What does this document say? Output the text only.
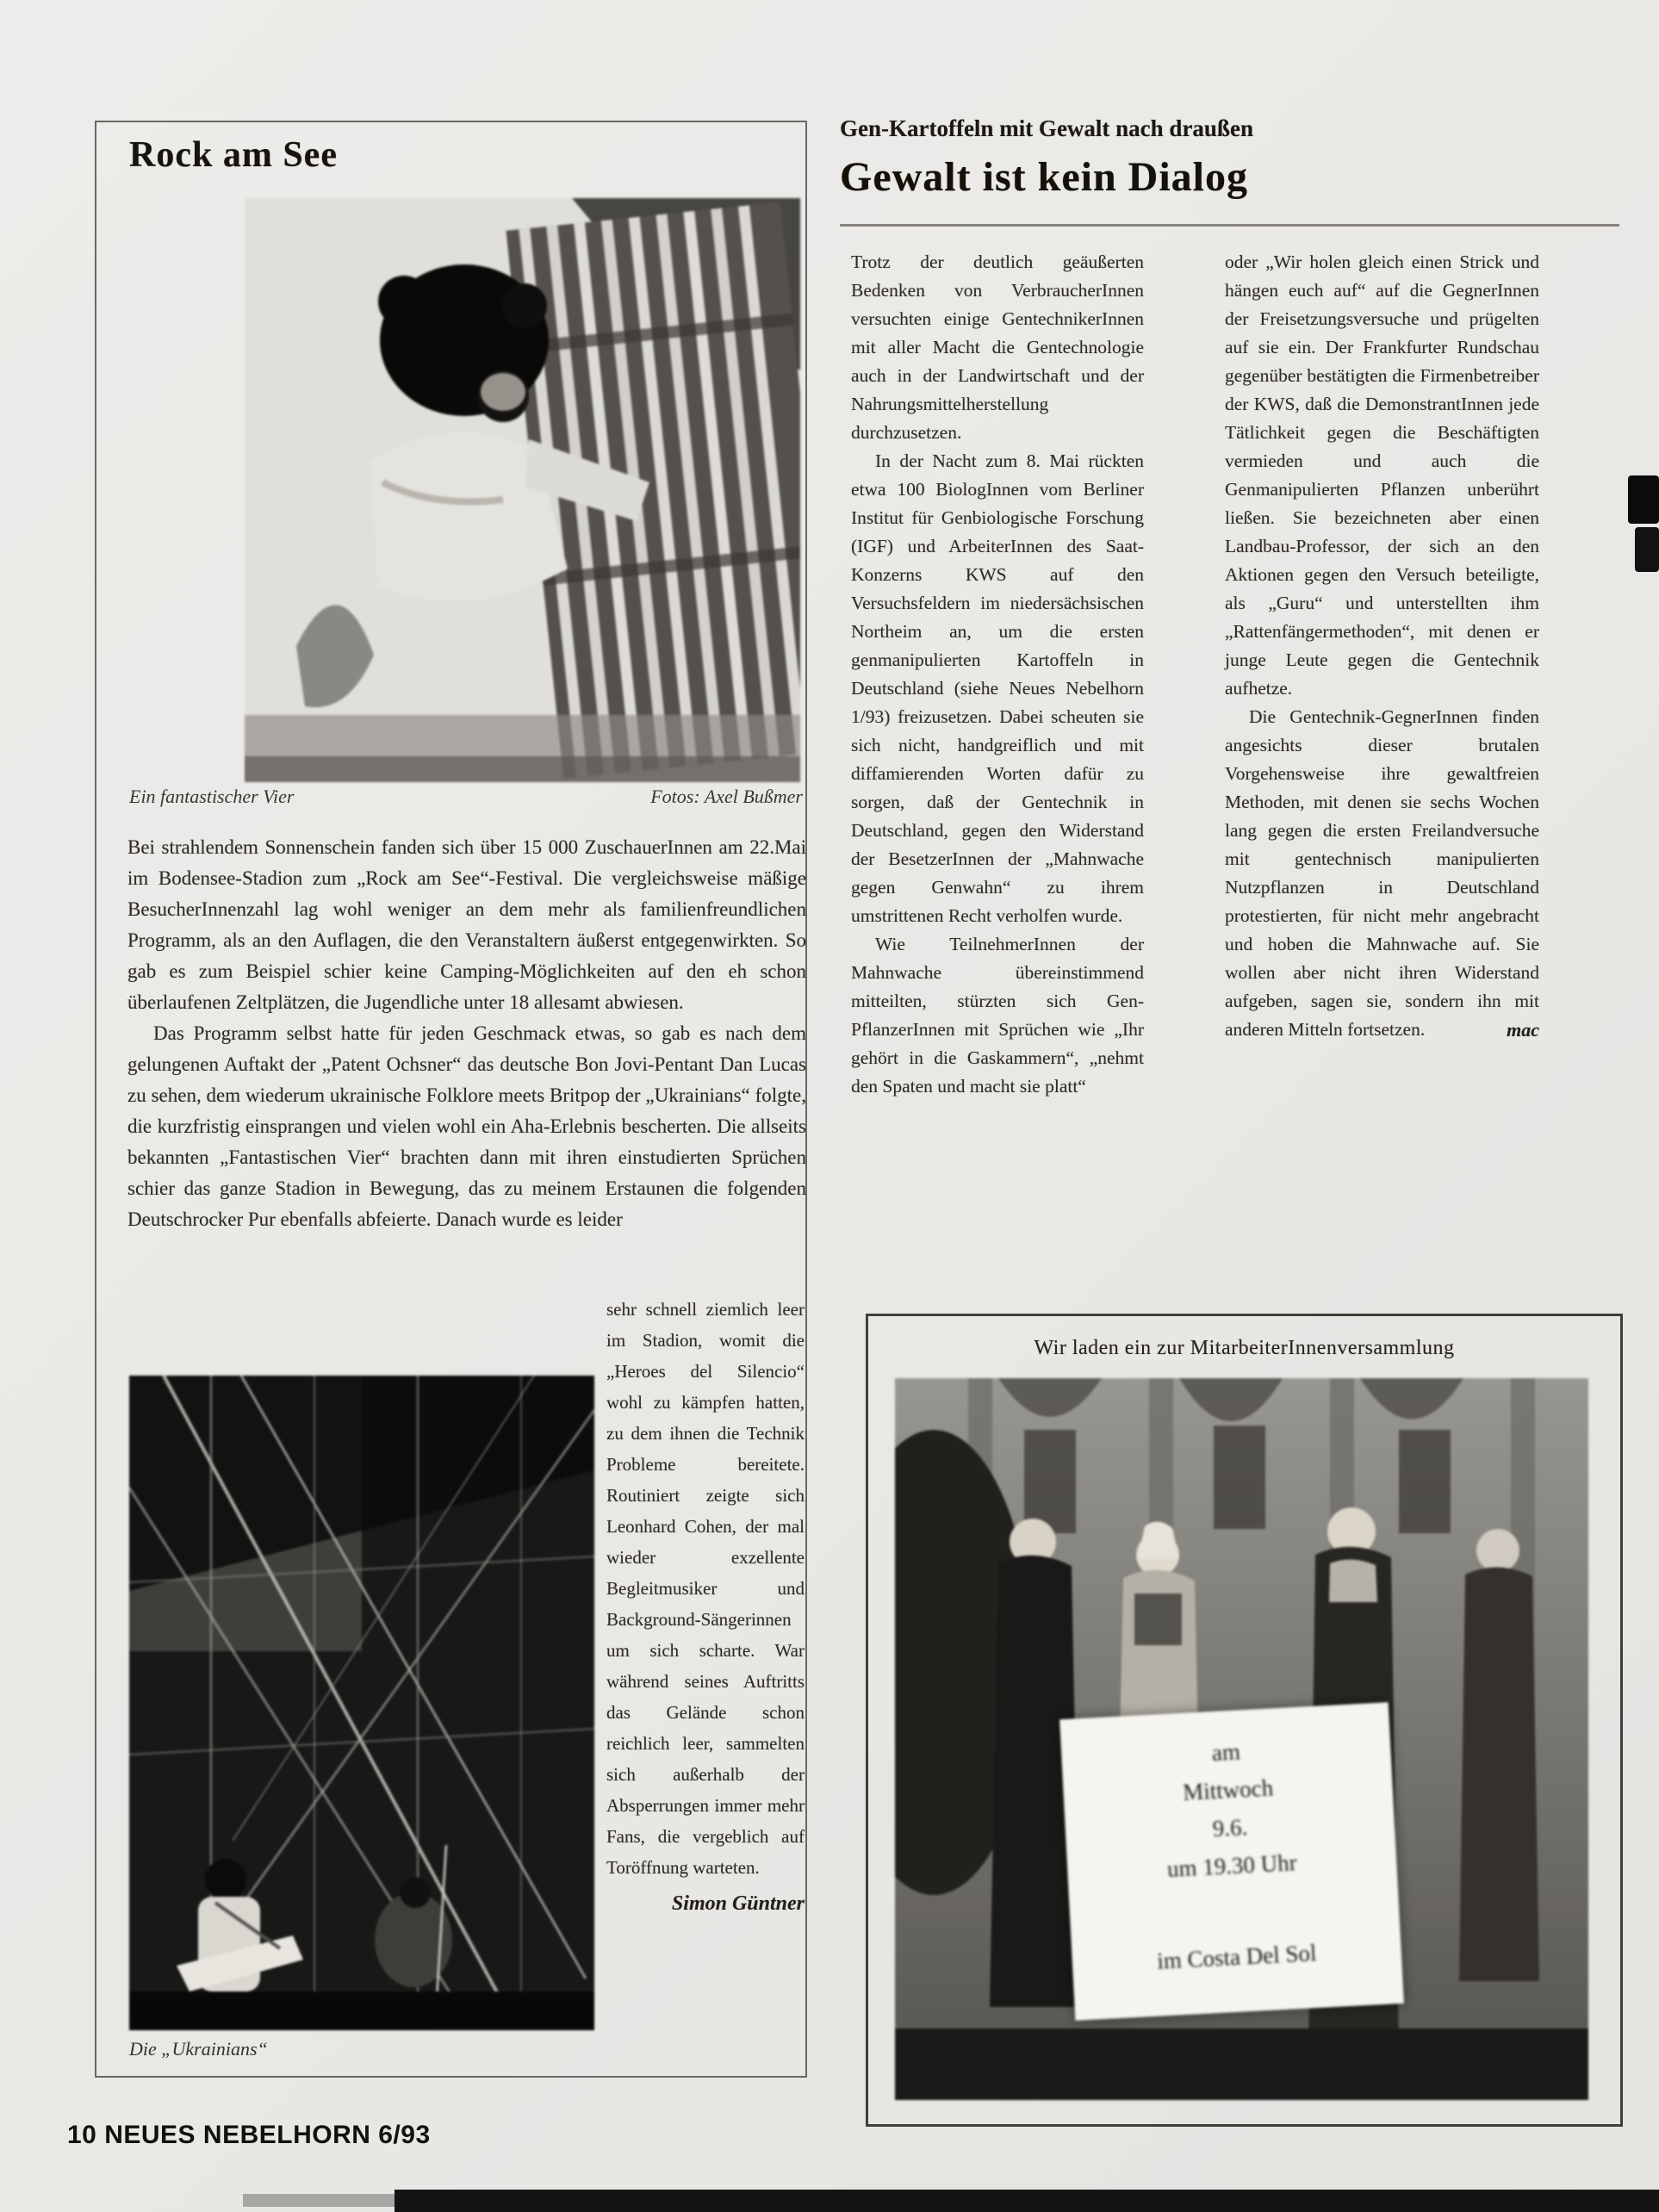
Rock am See
Ein fantastischer Vier	Fotos: Axel Bußmer

Bei strahlendem Sonnenschein fanden sich über 15 000 ZuschauerInnen am 22.Mai im Bodensee-Stadion zum „Rock am See“-Festival. Die vergleichsweise mäßige BesucherInnenzahl lag wohl weniger an dem mehr als familienfreundlichen Programm, als an den Auflagen, die den Veranstaltern äußerst entgegenwirkten. So gab es zum Beispiel schier keine Camping-Möglichkeiten auf den eh schon überlaufenen Zeltplätzen, die Jugendliche unter 18 allesamt abwiesen.

Das Programm selbst hatte für jeden Geschmack etwas, so gab es nach dem gelungenen Auftakt der „Patent Ochsner“ das deutsche Bon Jovi-Pentant Dan Lucas zu sehen, dem wiederum ukrainische Folklore meets Britpop der „Ukrainians“ folgte, die kurzfristig einsprangen und vielen wohl ein Aha-Erlebnis bescherten. Die allseits bekannten „Fantastischen Vier“ brachten dann mit ihren einstudierten Sprüchen schier das ganze Stadion in Bewegung, das zu meinem Erstaunen die folgenden Deutschrocker Pur ebenfalls abfeierte. Danach wurde es leider

sehr schnell ziemlich leer im Stadion, womit die „Heroes del Silencio“ wohl zu kämpfen hatten, zu dem ihnen die Technik Probleme bereitete. Routiniert zeigte sich Leonhard Cohen, der mal wieder exzellente Begleitmusiker und Background-Sängerinnen um sich scharte. War während seines Auftritts das Gelände schon reichlich leer, sammelten sich außerhalb der Absperrungen immer mehr Fans, die vergeblich auf Toröffnung warteten.

Simon Güntner
Die „Ukrainians“
Gen-Kartoffeln mit Gewalt nach draußen
Gewalt ist kein Dialog

Trotz der deutlich geäußerten Bedenken von VerbraucherInnen versuchten einige GentechnikerInnen mit aller Macht die Gentechnologie auch in der Landwirtschaft und der Nahrungsmittelherstellung durchzusetzen.

In der Nacht zum 8. Mai rückten etwa 100 BiologInnen vom Berliner Institut für Genbiologische Forschung (IGF) und ArbeiterInnen des Saat-Konzerns KWS auf den Versuchsfeldern im niedersächsischen Northeim an, um die ersten genmanipulierten Kartoffeln in Deutschland (siehe Neues Nebelhorn 1/93) freizusetzen. Dabei scheuten sie sich nicht, handgreiflich und mit diffamierenden Worten dafür zu sorgen, daß der Gentechnik in Deutschland, gegen den Widerstand der BesetzerInnen der „Mahnwache gegen Genwahn“ zu ihrem umstrittenen Recht verholfen wurde.

Wie TeilnehmerInnen der Mahnwache übereinstimmend mitteilten, stürzten sich Gen-PflanzerInnen mit Sprüchen wie „Ihr gehört in die Gaskammern“, „nehmt den Spaten und macht sie platt“

oder „Wir holen gleich einen Strick und hängen euch auf“ auf die GegnerInnen der Freisetzungsversuche und prügelten auf sie ein. Der Frankfurter Rundschau gegenüber bestätigten die Firmenbetreiber der KWS, daß die DemonstrantInnen jede Tätlichkeit gegen die Beschäftigten vermieden und auch die Genmanipulierten Pflanzen unberührt ließen. Sie bezeichneten aber einen Landbau-Professor, der sich an den Aktionen gegen den Versuch beteiligte, als „Guru“ und unterstellten ihm „Rattenfängermethoden“, mit denen er junge Leute gegen die Gentechnik aufhetze.

Die Gentechnik-GegnerInnen finden angesichts dieser brutalen Vorgehensweise ihre gewaltfreien Methoden, mit denen sie sechs Wochen lang gegen die ersten Freilandversuche mit gentechnisch manipulierten Nutzpflanzen in Deutschland protestierten, für nicht mehr angebracht und hoben die Mahnwache auf. Sie wollen aber nicht ihren Widerstand aufgeben, sagen sie, sondern ihn mit anderen Mitteln fortsetzen.	mac
Wir laden ein zur MitarbeiterInnenversammlung
am
Mittwoch
9.6.
um 19.30 Uhr
im Costa Del Sol
10 NEUES NEBELHORN 6/93
